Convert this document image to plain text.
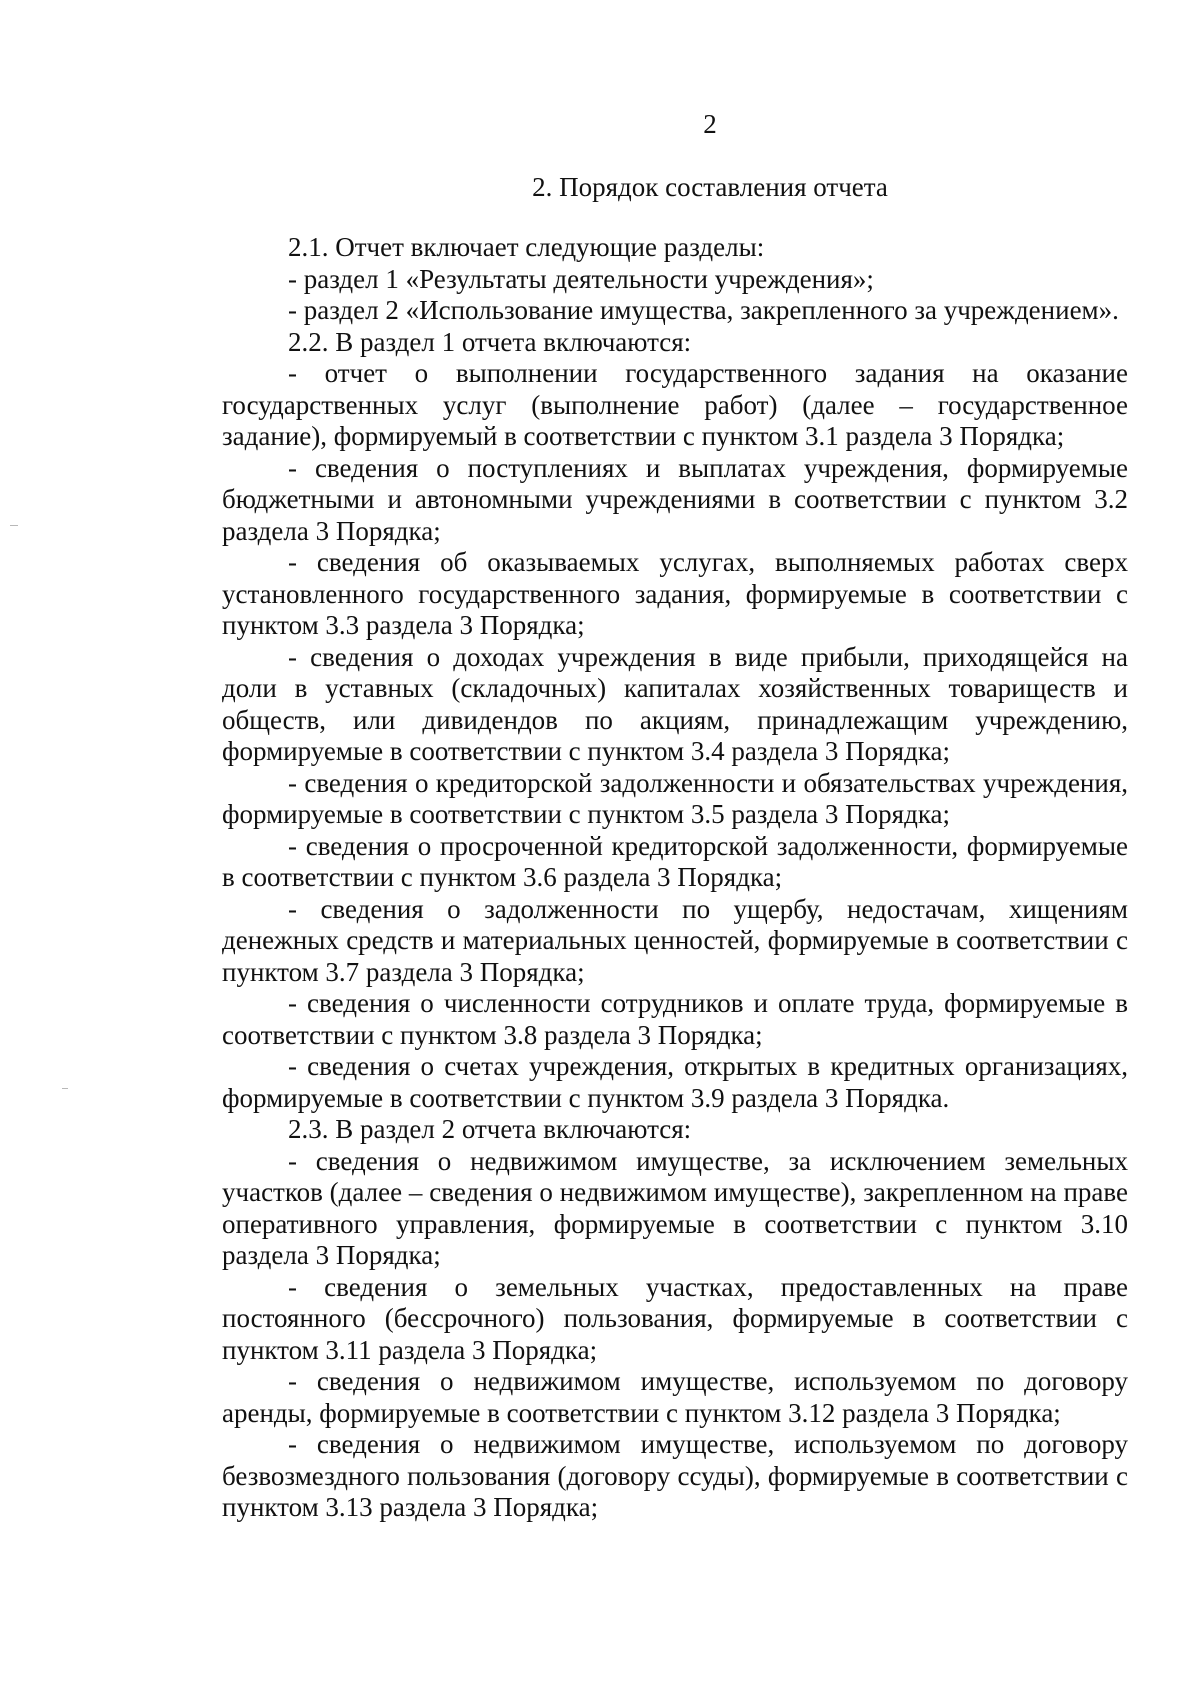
2
2. Порядок составления отчета

2.1. Отчет включает следующие разделы:

- раздел 1 «Результаты деятельности учреждения»;

- раздел 2 «Использование имущества, закрепленного за учреждением».

2.2. В раздел 1 отчета включаются:

- отчет о выполнении государственного задания на оказание государственных услуг (выполнение работ) (далее – государственное задание), формируемый в соответствии с пунктом 3.1 раздела 3 Порядка;

- сведения о поступлениях и выплатах учреждения, формируемые бюджетными и автономными учреждениями в соответствии с пунктом 3.2 раздела 3 Порядка;

- сведения об оказываемых услугах, выполняемых работах сверх установленного государственного задания, формируемые в соответствии с пунктом 3.3 раздела 3 Порядка;

- сведения о доходах учреждения в виде прибыли, приходящейся на доли в уставных (складочных) капиталах хозяйственных товариществ и обществ, или дивидендов по акциям, принадлежащим учреждению, формируемые в соответствии с пунктом 3.4 раздела 3 Порядка;

- сведения о кредиторской задолженности и обязательствах учреждения, формируемые в соответствии с пунктом 3.5 раздела 3 Порядка;

- сведения о просроченной кредиторской задолженности, формируемые в соответствии с пунктом 3.6 раздела 3 Порядка;

- сведения о задолженности по ущербу, недостачам, хищениям денежных средств и материальных ценностей, формируемые в соответствии с пунктом 3.7 раздела 3 Порядка;

- сведения о численности сотрудников и оплате труда, формируемые в соответствии с пунктом 3.8 раздела 3 Порядка;

- сведения о счетах учреждения, открытых в кредитных организациях, формируемые в соответствии с пунктом 3.9 раздела 3 Порядка.

2.3. В раздел 2 отчета включаются:

- сведения о недвижимом имуществе, за исключением земельных участков (далее – сведения о недвижимом имуществе), закрепленном на праве оперативного управления, формируемые в соответствии с пунктом 3.10 раздела 3 Порядка;

- сведения о земельных участках, предоставленных на праве постоянного (бессрочного) пользования, формируемые в соответствии с пунктом 3.11 раздела 3 Порядка;

- сведения о недвижимом имуществе, используемом по договору аренды, формируемые в соответствии с пунктом 3.12 раздела 3 Порядка;

- сведения о недвижимом имуществе, используемом по договору безвозмездного пользования (договору ссуды), формируемые в соответствии с пунктом 3.13 раздела 3 Порядка;
